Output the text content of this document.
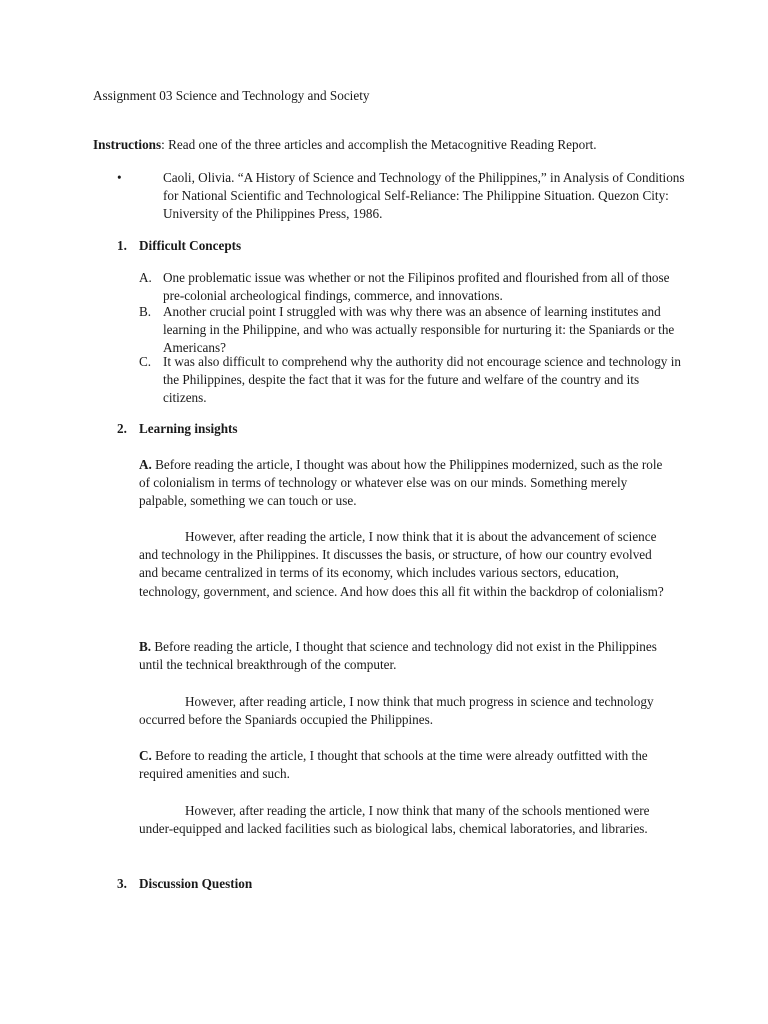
Assignment 03 Science and Technology and Society
Instructions: Read one of the three articles and accomplish the Metacognitive Reading Report.
•	Caoli, Olivia. “A History of Science and Technology of the Philippines,” in Analysis of Conditions for National Scientific and Technological Self-Reliance: The Philippine Situation. Quezon City: University of the Philippines Press, 1986.
1. Difficult Concepts
A. One problematic issue was whether or not the Filipinos profited and flourished from all of those pre-colonial archeological findings, commerce, and innovations.
B. Another crucial point I struggled with was why there was an absence of learning institutes and learning in the Philippine, and who was actually responsible for nurturing it: the Spaniards or the Americans?
C. It was also difficult to comprehend why the authority did not encourage science and technology in the Philippines, despite the fact that it was for the future and welfare of the country and its citizens.
2. Learning insights
A. Before reading the article, I thought was about how the Philippines modernized, such as the role of colonialism in terms of technology or whatever else was on our minds. Something merely palpable, something we can touch or use.
However, after reading the article, I now think that it is about the advancement of science and technology in the Philippines. It discusses the basis, or structure, of how our country evolved and became centralized in terms of its economy, which includes various sectors, education, technology, government, and science. And how does this all fit within the backdrop of colonialism?
B. Before reading the article, I thought that science and technology did not exist in the Philippines until the technical breakthrough of the computer.
However, after reading article, I now think that much progress in science and technology occurred before the Spaniards occupied the Philippines.
C. Before to reading the article, I thought that schools at the time were already outfitted with the required amenities and such.
However, after reading the article, I now think that many of the schools mentioned were under-equipped and lacked facilities such as biological labs, chemical laboratories, and libraries.
3. Discussion Question
